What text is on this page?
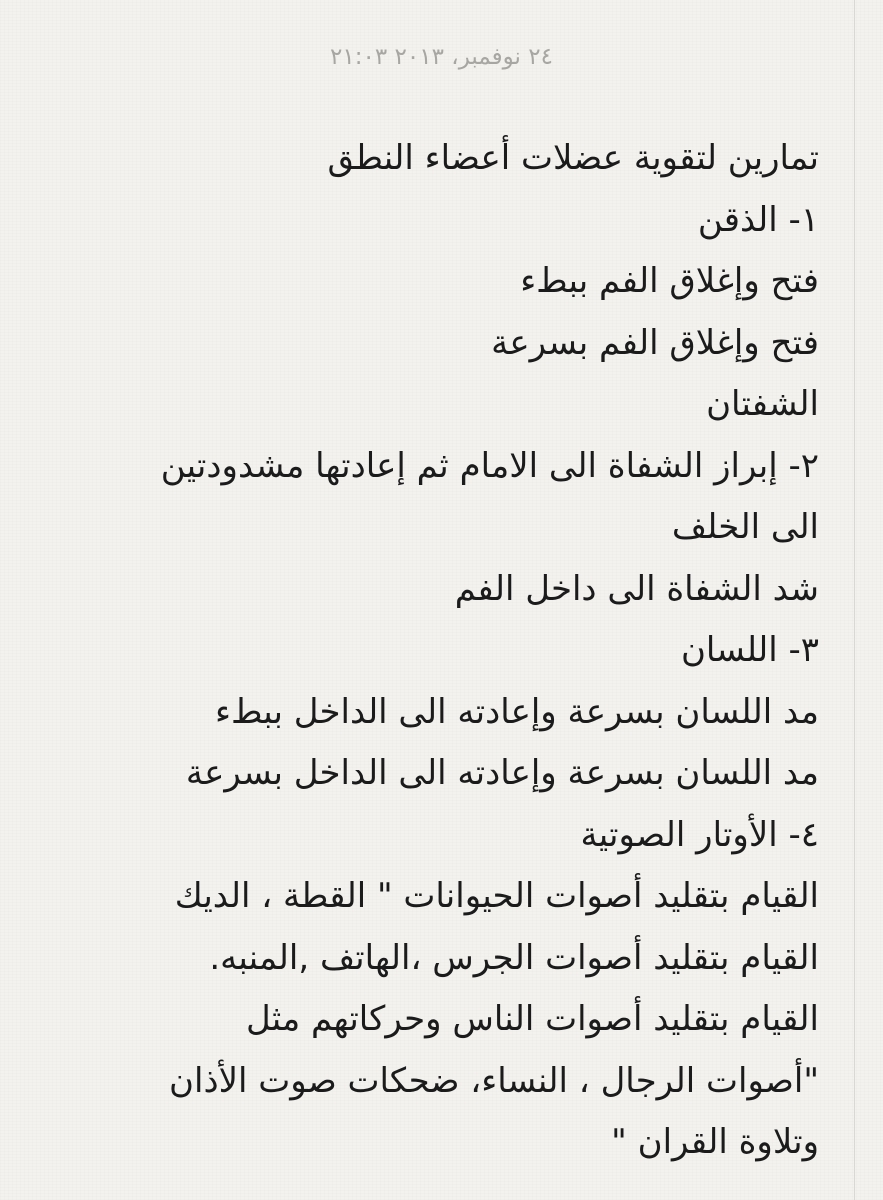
٢٤ نوفمبر، ٢٠١٣ ٢١:٠٣
تمارين لتقوية عضلات أعضاء النطق
١- الذقن
فتح وإغلاق الفم ببطء
فتح وإغلاق الفم بسرعة
الشفتان
٢- إبراز الشفاة الى الامام ثم إعادتها مشدودتين
الى الخلف
شد الشفاة الى داخل الفم
٣- اللسان
مد اللسان بسرعة وإعادته الى الداخل ببطء
مد اللسان بسرعة وإعادته الى الداخل بسرعة
٤- الأوتار الصوتية
القيام بتقليد أصوات الحيوانات " القطة ، الديك
القيام بتقليد أصوات الجرس ،الهاتف ,المنبه.
القيام بتقليد أصوات الناس وحركاتهم مثل
"أصوات الرجال ، النساء، ضحكات صوت الأذان
وتلاوة القران "
